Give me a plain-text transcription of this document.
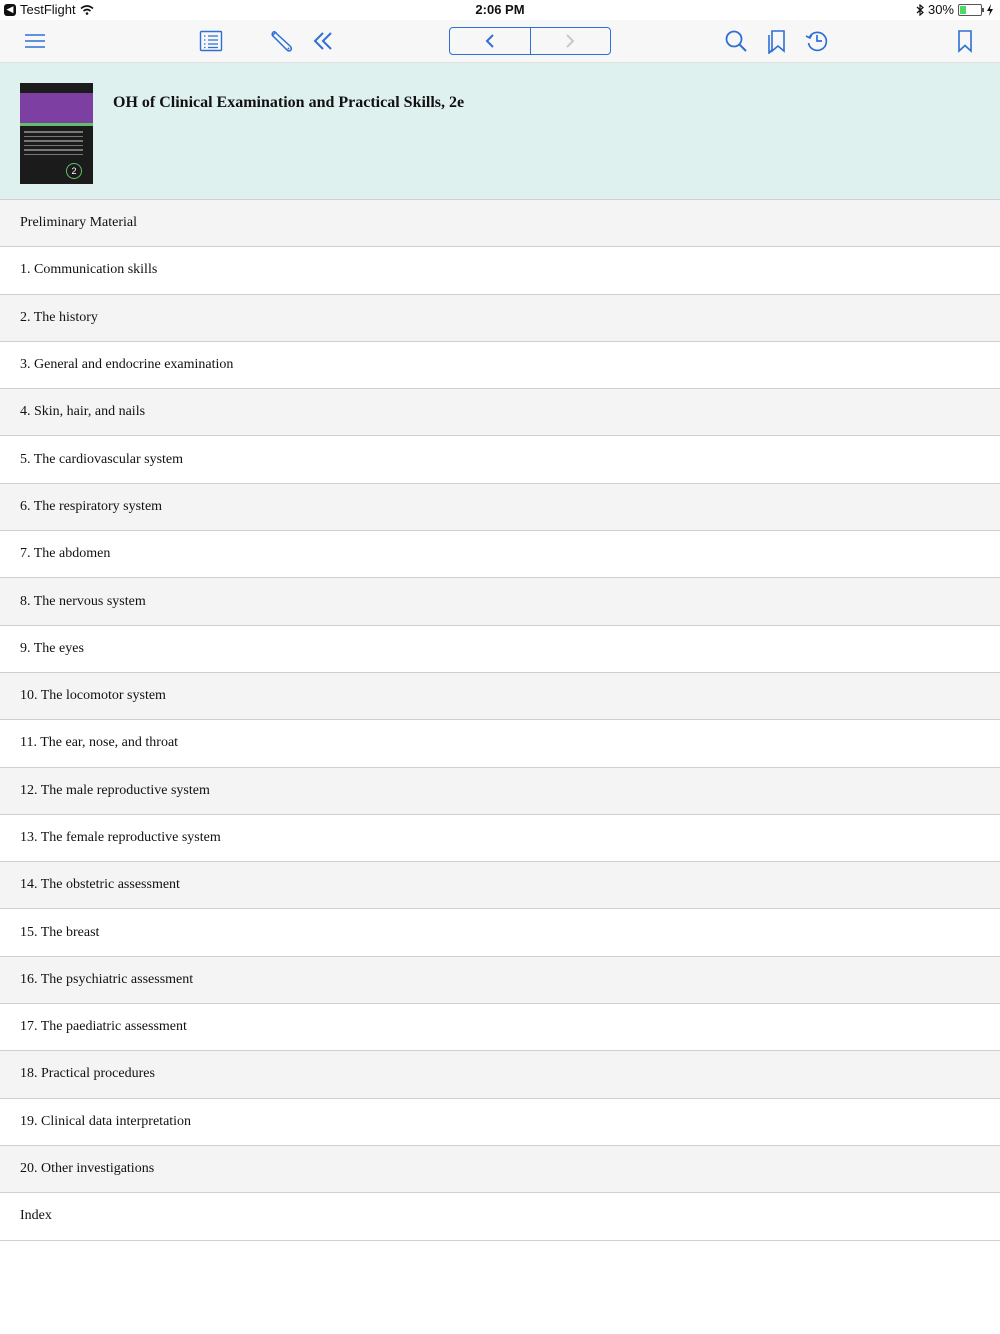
◀ TestFlight	2:06 PM	30%
2
OH of Clinical Examination and Practical Skills, 2e
Preliminary Material
1. Communication skills
2. The history
3. General and endocrine examination
4. Skin, hair, and nails
5. The cardiovascular system
6. The respiratory system
7. The abdomen
8. The nervous system
9. The eyes
10. The locomotor system
11. The ear, nose, and throat
12. The male reproductive system
13. The female reproductive system
14. The obstetric assessment
15. The breast
16. The psychiatric assessment
17. The paediatric assessment
18. Practical procedures
19. Clinical data interpretation
20. Other investigations
Index
